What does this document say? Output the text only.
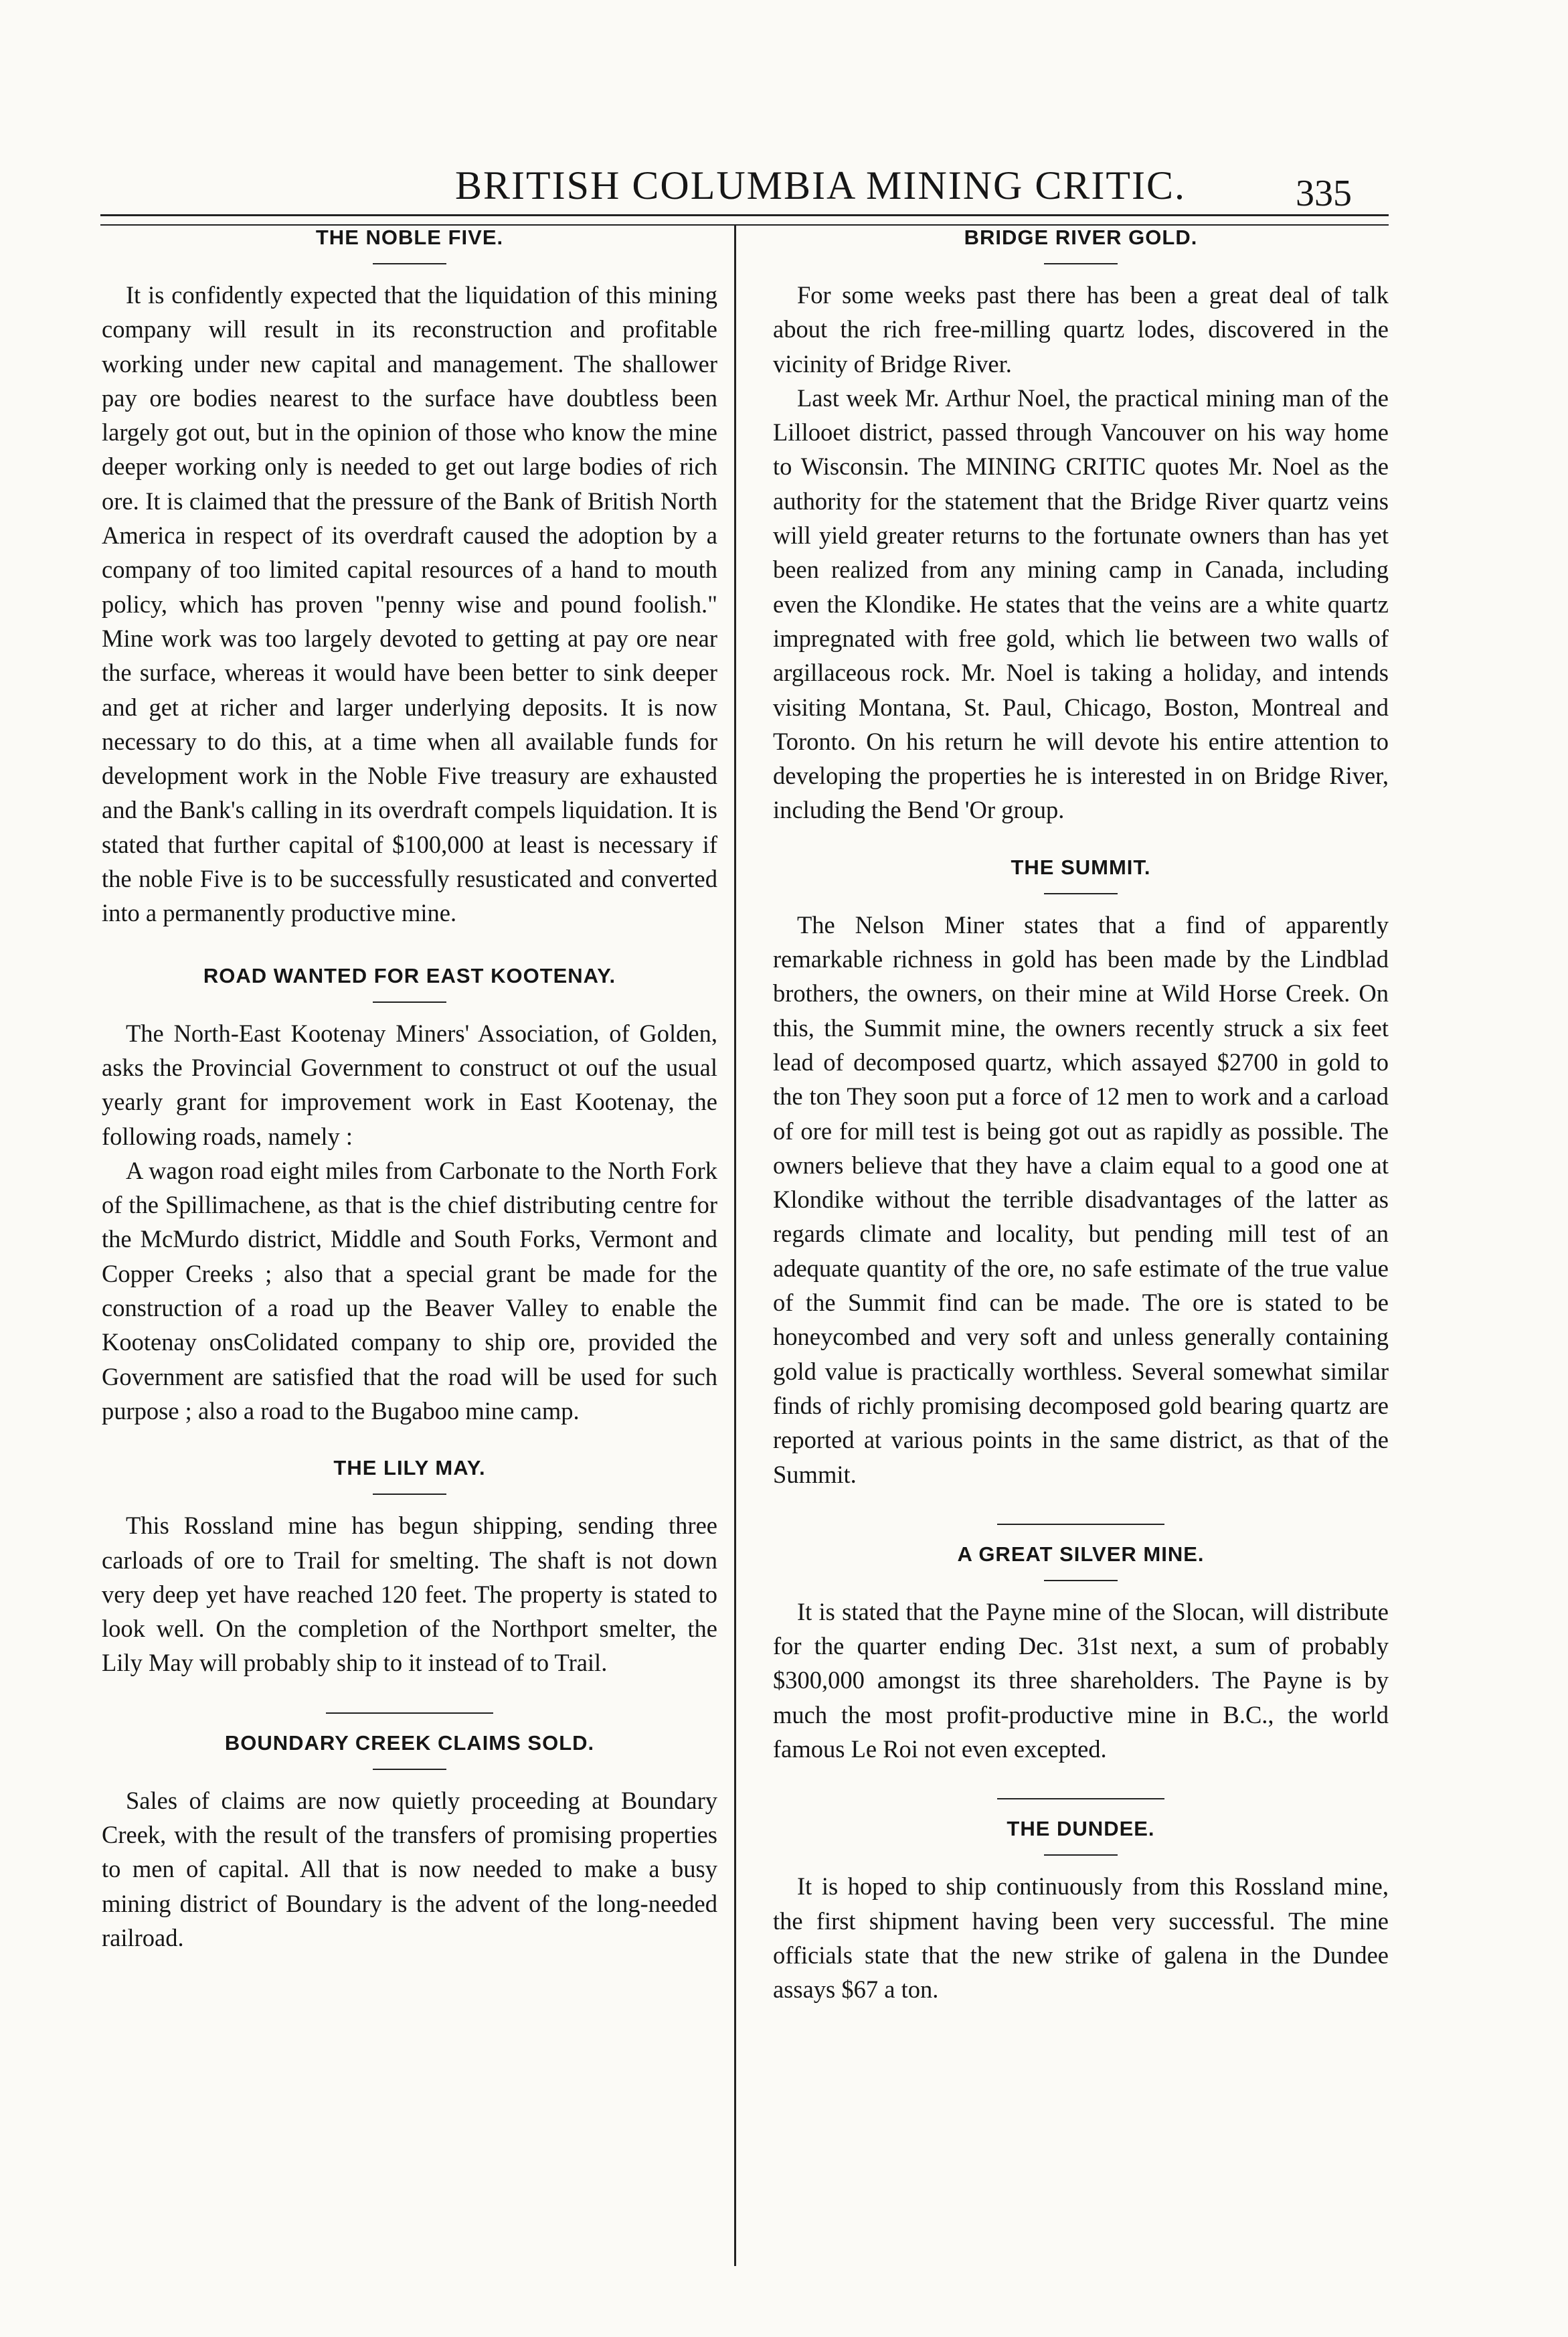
BRITISH COLUMBIA MINING CRITIC.	335
THE NOBLE FIVE.

It is confidently expected that the liquidation of this mining company will result in its reconstruction and profitable working under new capital and management. The shallower pay ore bodies nearest to the surface have doubtless been largely got out, but in the opinion of those who know the mine deeper working only is needed to get out large bodies of rich ore. It is claimed that the pressure of the Bank of British North America in respect of its overdraft caused the adoption by a company of too limited capital resources of a hand to mouth policy, which has proven "penny wise and pound foolish." Mine work was too largely devoted to getting at pay ore near the surface, whereas it would have been better to sink deeper and get at richer and larger underlying deposits. It is now necessary to do this, at a time when all available funds for development work in the Noble Five treasury are exhausted and the Bank's calling in its overdraft compels liquidation. It is stated that further capital of $100,000 at least is necessary if the noble Five is to be successfully resusticated and converted into a permanently productive mine.

ROAD WANTED FOR EAST KOOTENAY.

The North-East Kootenay Miners' Association, of Golden, asks the Provincial Government to construct ot ouf the usual yearly grant for improvement work in East Kootenay, the following roads, namely :

A wagon road eight miles from Carbonate to the North Fork of the Spillimachene, as that is the chief distributing centre for the McMurdo district, Middle and South Forks, Vermont and Copper Creeks ; also that a special grant be made for the construction of a road up the Beaver Valley to enable the Kootenay onsColidated company to ship ore, provided the Government are satisfied that the road will be used for such purpose ; also a road to the Bugaboo mine camp.

THE LILY MAY.

This Rossland mine has begun shipping, sending three carloads of ore to Trail for smelting. The shaft is not down very deep yet have reached 120 feet. The property is stated to look well. On the completion of the Northport smelter, the Lily May will probably ship to it instead of to Trail.

BOUNDARY CREEK CLAIMS SOLD.

Sales of claims are now quietly proceeding at Boundary Creek, with the result of the transfers of promising properties to men of capital. All that is now needed to make a busy mining district of Boundary is the advent of the long-needed railroad.

BRIDGE RIVER GOLD.

For some weeks past there has been a great deal of talk about the rich free-milling quartz lodes, discovered in the vicinity of Bridge River.

Last week Mr. Arthur Noel, the practical mining man of the Lillooet district, passed through Vancouver on his way home to Wisconsin. The MINING CRITIC quotes Mr. Noel as the authority for the statement that the Bridge River quartz veins will yield greater returns to the fortunate owners than has yet been realized from any mining camp in Canada, including even the Klondike. He states that the veins are a white quartz impregnated with free gold, which lie between two walls of argillaceous rock. Mr. Noel is taking a holiday, and intends visiting Montana, St. Paul, Chicago, Boston, Montreal and Toronto. On his return he will devote his entire attention to developing the properties he is interested in on Bridge River, including the Bend 'Or group.

THE SUMMIT.

The Nelson Miner states that a find of apparently remarkable richness in gold has been made by the Lindblad brothers, the owners, on their mine at Wild Horse Creek. On this, the Summit mine, the owners recently struck a six feet lead of decomposed quartz, which assayed $2700 in gold to the ton They soon put a force of 12 men to work and a carload of ore for mill test is being got out as rapidly as possible. The owners believe that they have a claim equal to a good one at Klondike without the terrible disadvantages of the latter as regards climate and locality, but pending mill test of an adequate quantity of the ore, no safe estimate of the true value of the Summit find can be made. The ore is stated to be honeycombed and very soft and unless generally containing gold value is practically worthless. Several somewhat similar finds of richly promising decomposed gold bearing quartz are reported at various points in the same district, as that of the Summit.

A GREAT SILVER MINE.

It is stated that the Payne mine of the Slocan, will distribute for the quarter ending Dec. 31st next, a sum of probably $300,000 amongst its three shareholders. The Payne is by much the most profit-productive mine in B.C., the world famous Le Roi not even excepted.

THE DUNDEE.

It is hoped to ship continuously from this Rossland mine, the first shipment having been very successful. The mine officials state that the new strike of galena in the Dundee assays $67 a ton.
